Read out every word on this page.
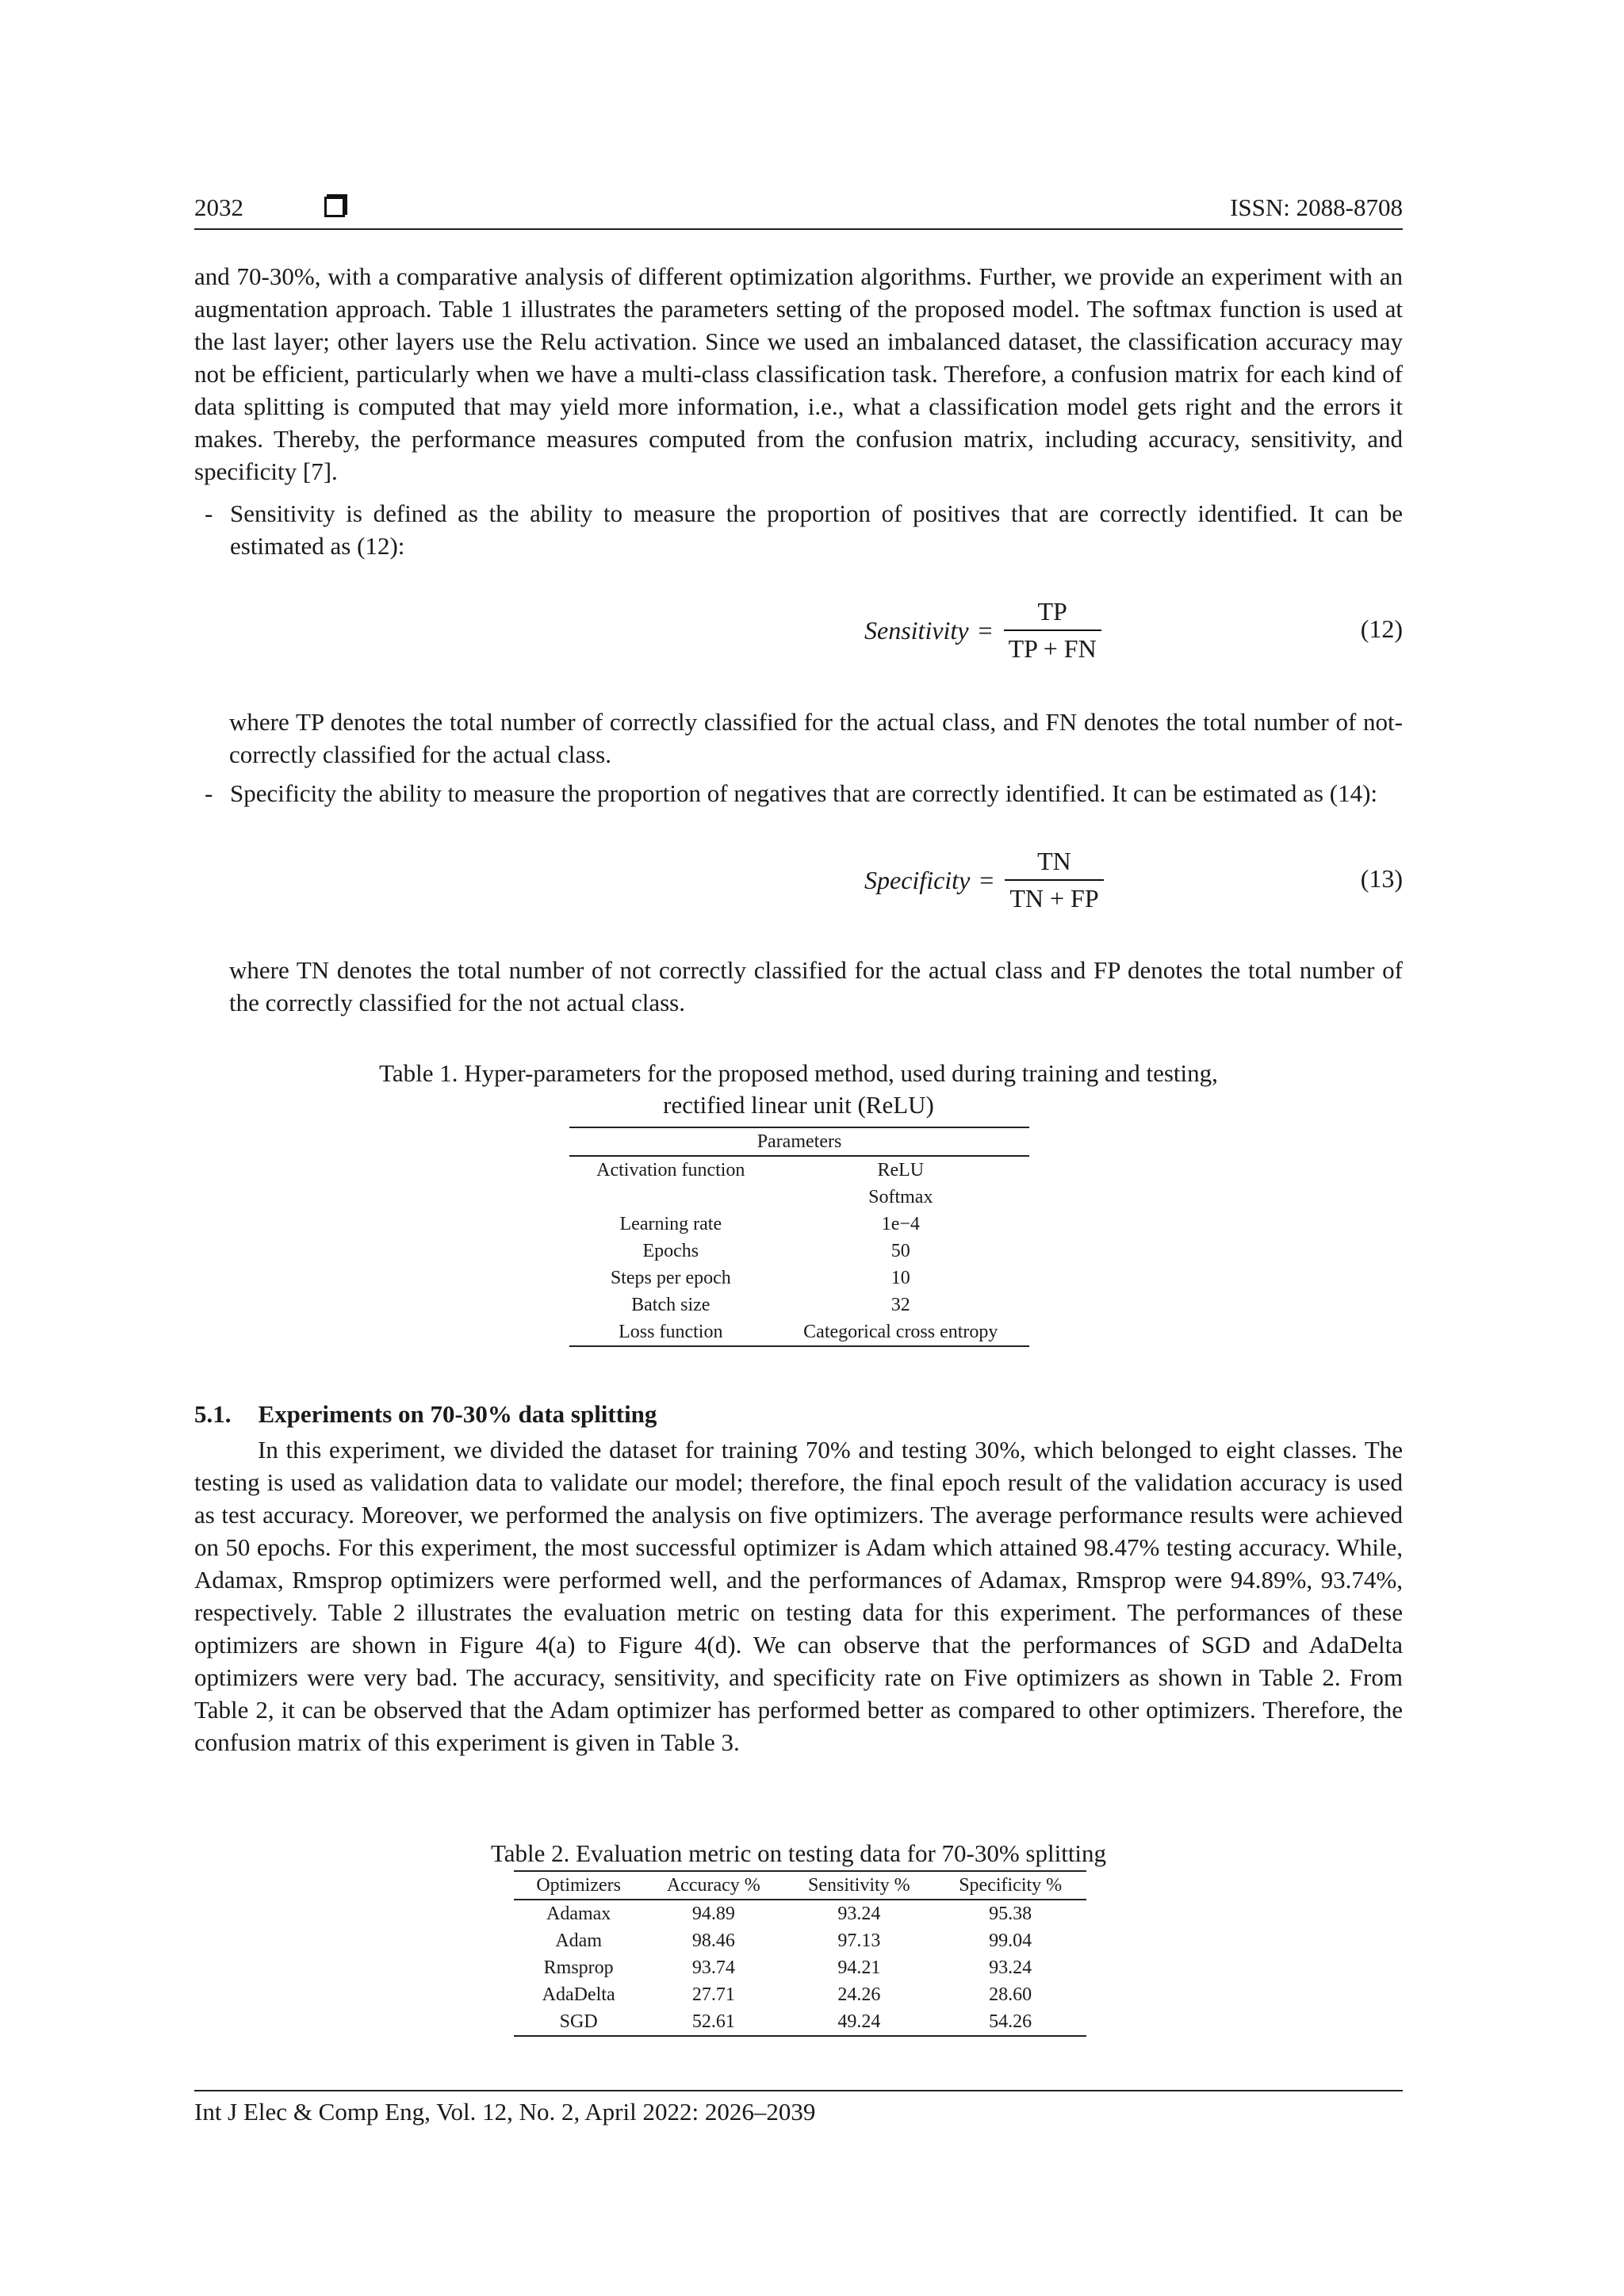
2032	ISSN: 2088-8708

and 70-30%, with a comparative analysis of different optimization algorithms. Further, we provide an experiment with an augmentation approach. Table 1 illustrates the parameters setting of the proposed model. The softmax function is used at the last layer; other layers use the Relu activation. Since we used an imbalanced dataset, the classification accuracy may not be efficient, particularly when we have a multi-class classification task. Therefore, a confusion matrix for each kind of data splitting is computed that may yield more information, i.e., what a classification model gets right and the errors it makes. Thereby, the performance measures computed from the confusion matrix, including accuracy, sensitivity, and specificity [7].

- Sensitivity is defined as the ability to measure the proportion of positives that are correctly identified. It can be estimated as (12):
Sensitivity = $\frac{TP}{TP + FN}$	(12)

where TP denotes the total number of correctly classified for the actual class, and FN denotes the total number of not-correctly classified for the actual class.

- Specificity the ability to measure the proportion of negatives that are correctly identified. It can be estimated as (14):
Specificity = $\frac{TN}{TN + FP}$	(13)

where TN denotes the total number of not correctly classified for the actual class and FP denotes the total number of the correctly classified for the not actual class.

Table 1. Hyper-parameters for the proposed method, used during training and testing,
rectified linear unit (ReLU)
Parameters	
Activation function	ReLU
	Softmax
Learning rate	1e−4
Epochs	50
Steps per epoch	10
Batch size	32
Loss function	Categorical cross entropy
5.1. Experiments on 70-30% data splitting

In this experiment, we divided the dataset for training 70% and testing 30%, which belonged to eight classes. The testing is used as validation data to validate our model; therefore, the final epoch result of the validation accuracy is used as test accuracy. Moreover, we performed the analysis on five optimizers. The average performance results were achieved on 50 epochs. For this experiment, the most successful optimizer is Adam which attained 98.47% testing accuracy. While, Adamax, Rmsprop optimizers were performed well, and the performances of Adamax, Rmsprop were 94.89%, 93.74%, respectively. Table 2 illustrates the evaluation metric on testing data for this experiment. The performances of these optimizers are shown in Figure 4(a) to Figure 4(d). We can observe that the performances of SGD and AdaDelta optimizers were very bad. The accuracy, sensitivity, and specificity rate on Five optimizers as shown in Table 2. From Table 2, it can be observed that the Adam optimizer has performed better as compared to other optimizers. Therefore, the confusion matrix of this experiment is given in Table 3.

Table 2. Evaluation metric on testing data for 70-30% splitting
Optimizers	Accuracy %	Sensitivity %	Specificity %
Adamax	94.89	93.24	95.38
Adam	98.46	97.13	99.04
Rmsprop	93.74	94.21	93.24
AdaDelta	27.71	24.26	28.60
SGD	52.61	49.24	54.26
Int J Elec & Comp Eng, Vol. 12, No. 2, April 2022: 2026–2039
